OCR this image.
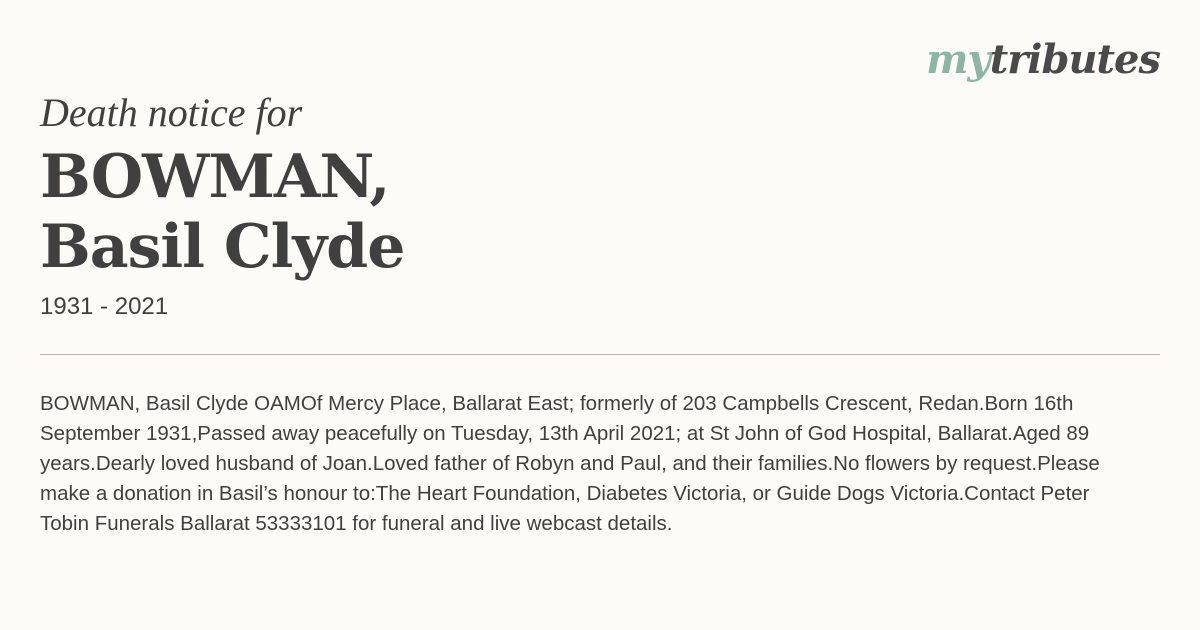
mytributes
Death notice for
BOWMAN,
Basil Clyde
1931 - 2021
BOWMAN, Basil Clyde OAMOf Mercy Place, Ballarat East; formerly of 203 Campbells Crescent, Redan.Born 16th September 1931,Passed away peacefully on Tuesday, 13th April 2021; at St John of God Hospital, Ballarat.Aged 89 years.Dearly loved husband of Joan.Loved father of Robyn and Paul, and their families.No flowers by request.Please make a donation in Basil’s honour to:The Heart Foundation, Diabetes Victoria, or Guide Dogs Victoria.Contact Peter Tobin Funerals Ballarat 53333101 for funeral and live webcast details.
